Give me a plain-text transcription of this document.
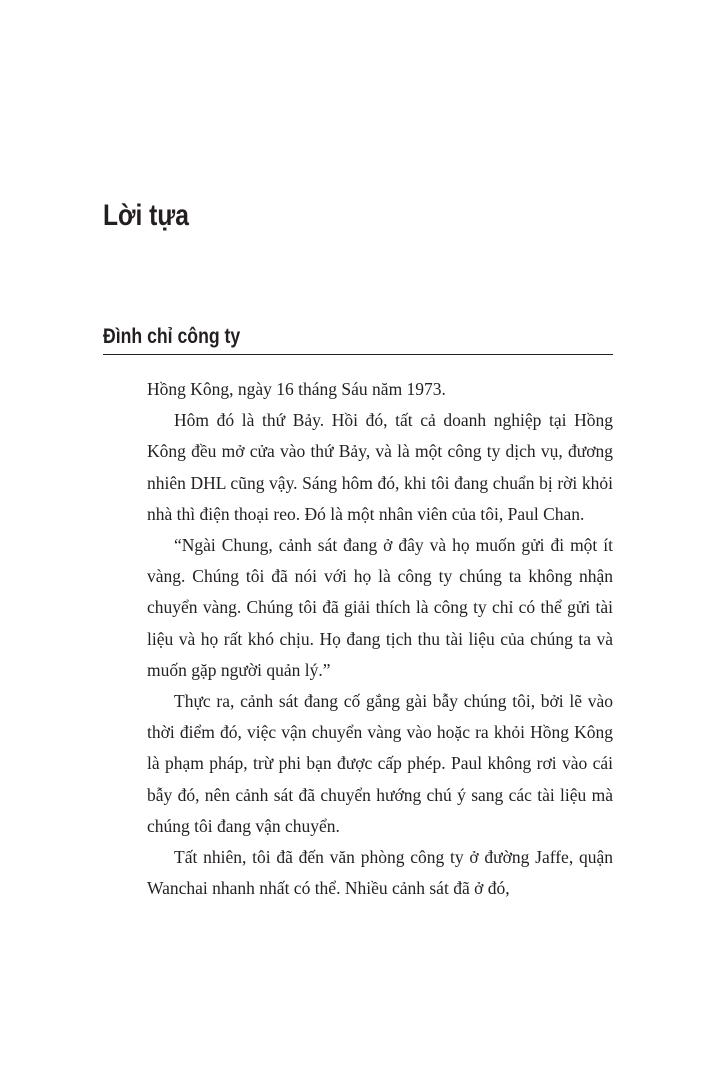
Lời tựa
Đình chỉ công ty

Hồng Kông, ngày 16 tháng Sáu năm 1973.

Hôm đó là thứ Bảy. Hồi đó, tất cả doanh nghiệp tại Hồng Kông đều mở cửa vào thứ Bảy, và là một công ty dịch vụ, đương nhiên DHL cũng vậy. Sáng hôm đó, khi tôi đang chuẩn bị rời khỏi nhà thì điện thoại reo. Đó là một nhân viên của tôi, Paul Chan.

“Ngài Chung, cảnh sát đang ở đây và họ muốn gửi đi một ít vàng. Chúng tôi đã nói với họ là công ty chúng ta không nhận chuyển vàng. Chúng tôi đã giải thích là công ty chỉ có thể gửi tài liệu và họ rất khó chịu. Họ đang tịch thu tài liệu của chúng ta và muốn gặp người quản lý.”

Thực ra, cảnh sát đang cố gắng gài bẫy chúng tôi, bởi lẽ vào thời điểm đó, việc vận chuyển vàng vào hoặc ra khỏi Hồng Kông là phạm pháp, trừ phi bạn được cấp phép. Paul không rơi vào cái bẫy đó, nên cảnh sát đã chuyển hướng chú ý sang các tài liệu mà chúng tôi đang vận chuyển.

Tất nhiên, tôi đã đến văn phòng công ty ở đường Jaffe, quận Wanchai nhanh nhất có thể. Nhiều cảnh sát đã ở đó,
